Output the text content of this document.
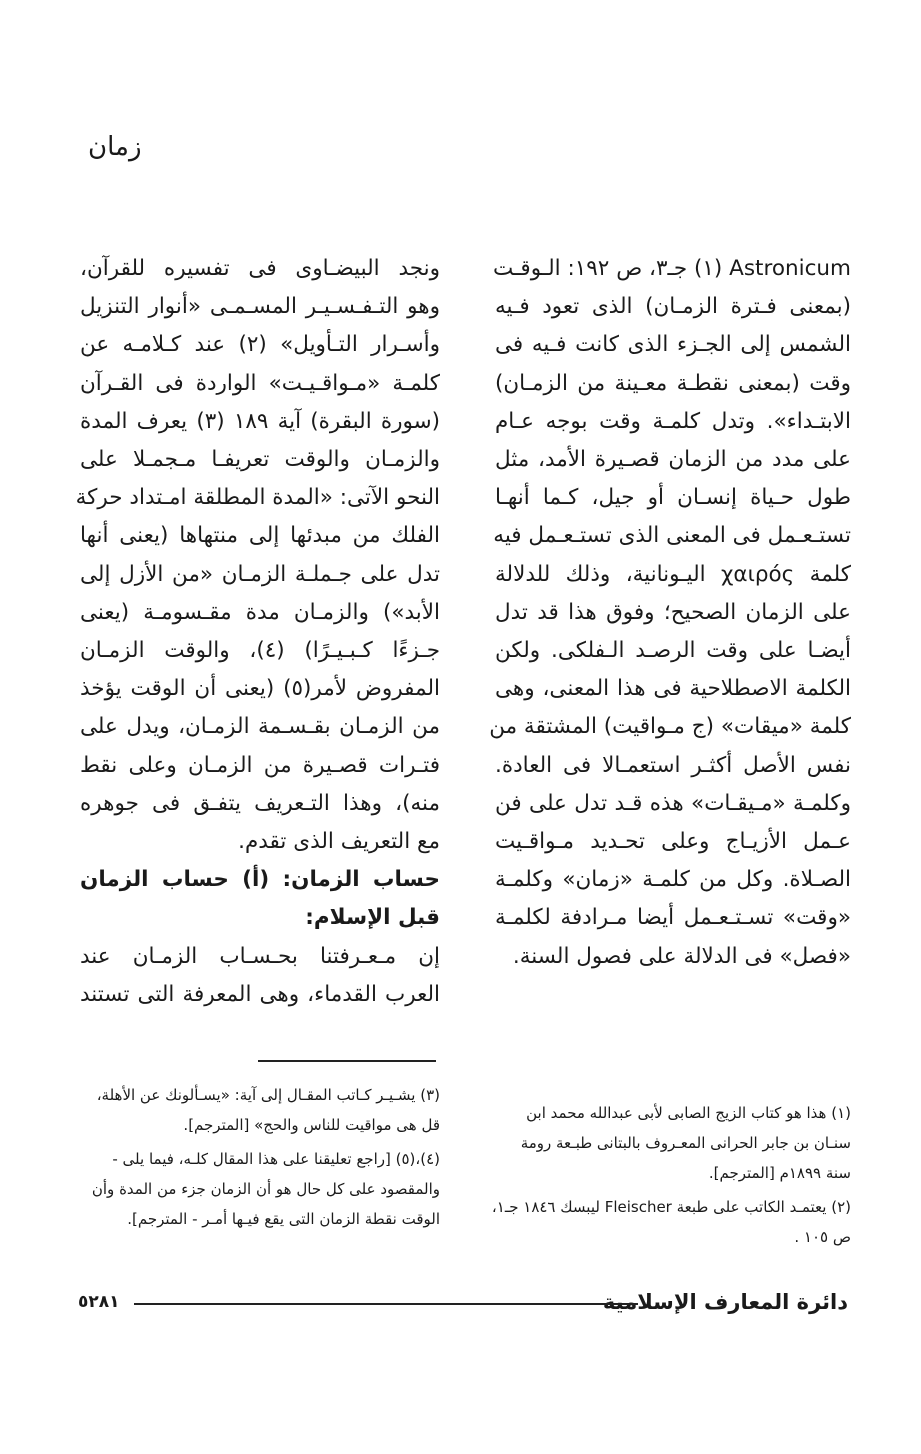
زمان
Astronicum (١) جـ٣، ص ١٩٢: الـوقـت
(بمعنى فـترة الزمـان) الذى تعود فـيه
الشمس إلى الجـزء الذى كانت فـيه فى
وقت (بمعنى نقطـة معـينة من الزمـان)
الابتـداء». وتدل كلمـة وقت بوجه عـام
على مدد من الزمان قصـيرة الأمد، مثل
طول حـياة إنسـان أو جيل، كـما أنهـا
تستـعـمل فى المعنى الذى تستـعـمل فيه
كلمة χαιρός اليـونانية، وذلك للدلالة
على الزمان الصحيح؛ وفوق هذا قد تدل
أيضـا على وقت الرصـد الـفلكى. ولكن
الكلمة الاصطلاحية فى هذا المعنى، وهى
كلمة «ميقات» (ج مـواقيت) المشتقة من
نفس الأصل أكثـر استعمـالا فى العادة.
وكلمـة «مـيقـات» هذه قـد تدل على فن
عـمل الأزيـاج وعلى تحـديد مـواقـيت
الصـلاة. وكل من كلمـة «زمان» وكلمـة
«وقت» تسـتـعـمل أيضا مـرادفة لكلمـة
«فصل» فى الدلالة على فصول السنة.
ونجد البيضـاوى فى تفسيره للقرآن،
وهو التـفـسـيـر المسـمـى «أنوار التنزيل
وأسـرار التـأويل» (٢) عند كـلامـه عن
كلمـة «مـواقـيـت» الواردة فى القـرآن
(سورة البقرة) آية ١٨٩ (٣) يعرف المدة
والزمـان والوقت تعريفـا مـجمـلا على
النحو الآتى: «المدة المطلقة امـتداد حركة
الفلك من مبدئها إلى منتهاها (يعنى أنها
تدل على جـملـة الزمـان «من الأزل إلى
الأبد») والزمـان مدة مقـسومـة (يعنى
جـزءًا كـبـيـرًا) (٤)، والوقت الزمـان
المفروض لأمر(٥) (يعنى أن الوقت يؤخذ
من الزمـان بقـسـمة الزمـان، ويدل على
فتـرات قصـيرة من الزمـان وعلى نقط
منه)، وهذا التـعريف يتفـق فى جوهره
مع التعريف الذى تقدم.
حساب الزمان: (أ) حساب الزمان
قبل الإسلام:
إن مـعـرفتنا بحـسـاب الزمـان عند
العرب القدماء، وهى المعرفة التى تستند

(١) هذا هو كتاب الزيج الصابى لأبى عبدالله محمد ابن سنـان بن جابر الحرانى المعـروف بالبتانى طبـعة رومة سنة ١٨٩٩م [المترجم].

(٢) يعتمـد الكاتب على طبعة Fleischer ليبسك ١٨٤٦ جـ١، ص ١٠٥ .

(٣) يشـيـر كـاتب المقـال إلى آية: «يسـألونك عن الأهلة، قل هى مواقيت للناس والحج» [المترجم].

(٤)،(٥) [راجع تعليقنا على هذا المقال كلـه، فيما يلى - والمقصود على كل حال هو أن الزمان جزء من المدة وأن الوقت نقطة الزمان التى يقع فيـها أمـر - المترجم].

دائرة المعارف الإسلامية
٥٢٨١
